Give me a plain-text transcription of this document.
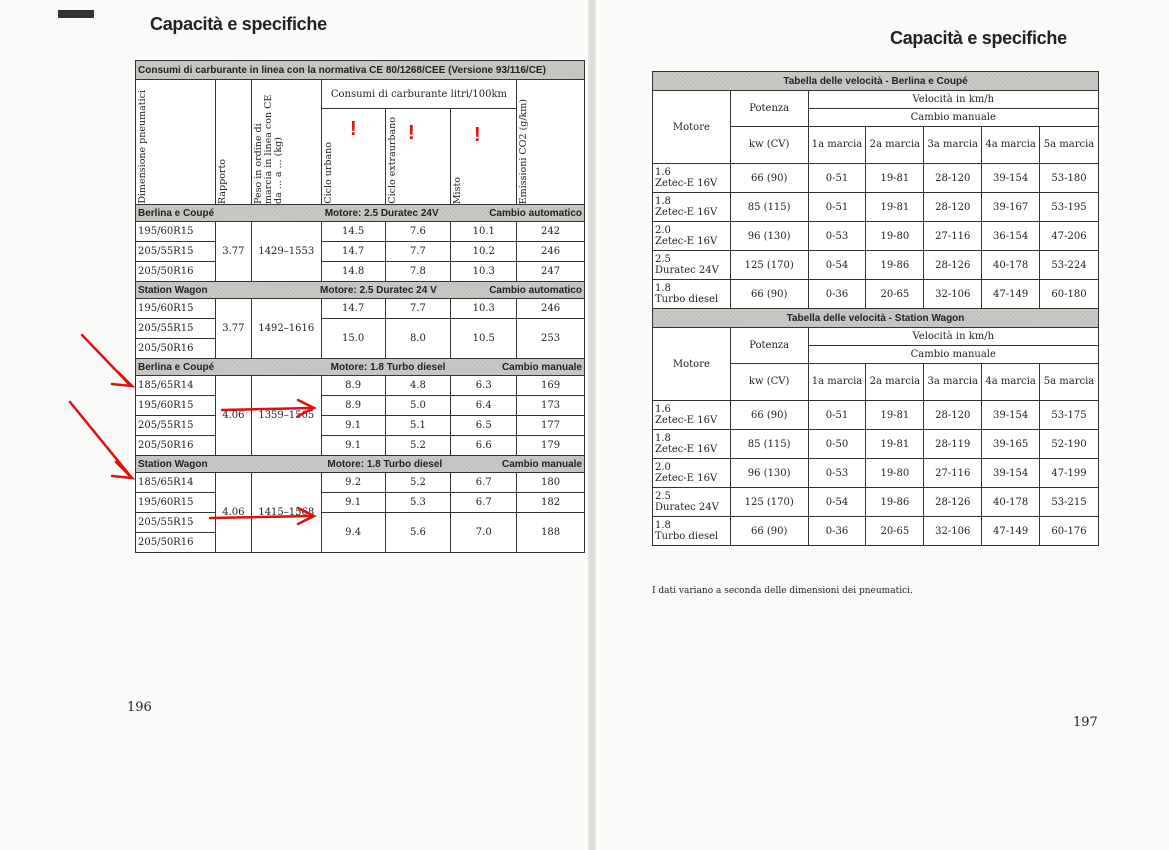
Capacità e specifiche
Capacità e specifiche
Consumi di carburante in linea con la normativa CE 80/1268/CEE (Versione 93/116/CE)						

Dimensione pneumatici	Rapporto	Peso in ordine di marcia in linea con CE da ... a ... (kg)	Consumi di carburante litri/100km			Emissioni CO2 (g/km)

			Ciclo urbano	Ciclo extraurbano	Misto	

Berlina e Coupé Motore: 2.5 Duratec 24V Cambio automatico						

195/60R15	3.77	1429–1553	14.5	7.6	10.1	242
205/55R15			14.7	7.7	10.2	246
205/50R16			14.8	7.8	10.3	247

Station Wagon Motore: 2.5 Duratec 24 V Cambio automatico						

195/60R15	3.77	1492–1616	14.7	7.7	10.3	246
205/55R15			15.0	8.0	10.5	253
205/50R16						

Berlina e Coupé Motore: 1.8 Turbo diesel Cambio manuale						

185/65R14	4.06	1359–1505	8.9	4.8	6.3	169
195/60R15			8.9	5.0	6.4	173
205/55R15			9.1	5.1	6.5	177
205/50R16			9.1	5.2	6.6	179

Station Wagon Motore: 1.8 Turbo diesel Cambio manuale						

185/65R14	4.06	1415–1568	9.2	5.2	6.7	180
195/60R15			9.1	5.3	6.7	182
205/55R15			9.4	5.6	7.0	188
205/50R16						
196
!	!	!
Tabella delle velocità - Berlina e Coupé						
Motore	Potenza	Velocità in km/h				
		Cambio manuale				
	kw (CV)	1a marcia	2a marcia	3a marcia	4a marcia	5a marcia
1.6
Zetec-E 16V	66 (90)	0-51	19-81	28-120	39-154	53-180
1.8
Zetec-E 16V	85 (115)	0-51	19-81	28-120	39-167	53-195
2.0
Zetec-E 16V	96 (130)	0-53	19-80	27-116	36-154	47-206
2.5
Duratec 24V	125 (170)	0-54	19-86	28-126	40-178	53-224
1.8
Turbo diesel	66 (90)	0-36	20-65	32-106	47-149	60-180
Tabella delle velocità - Station Wagon						
Motore	Potenza	Velocità in km/h				
		Cambio manuale				
	kw (CV)	1a marcia	2a marcia	3a marcia	4a marcia	5a marcia
1.6
Zetec-E 16V	66 (90)	0-51	19-81	28-120	39-154	53-175
1.8
Zetec-E 16V	85 (115)	0-50	19-81	28-119	39-165	52-190
2.0
Zetec-E 16V	96 (130)	0-53	19-80	27-116	39-154	47-199
2.5
Duratec 24V	125 (170)	0-54	19-86	28-126	40-178	53-215
1.8
Turbo diesel	66 (90)	0-36	20-65	32-106	47-149	60-176
I dati variano a seconda delle dimensioni dei pneumatici.
197
